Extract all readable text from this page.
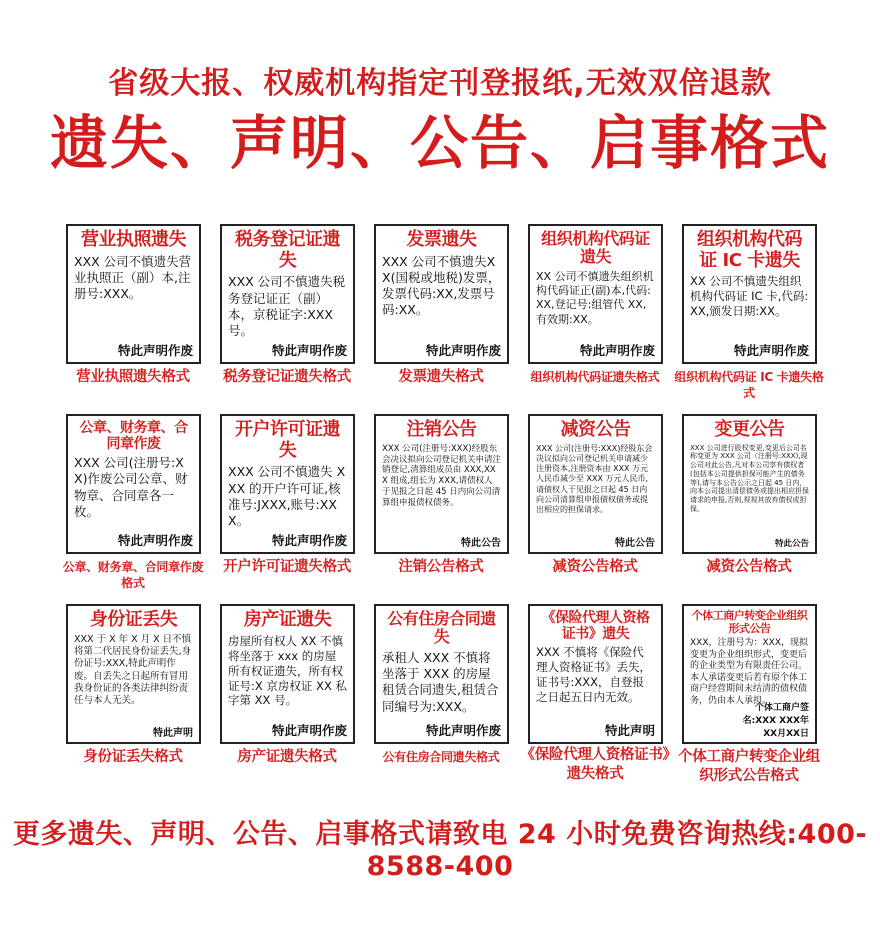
省级大报、权威机构指定刊登报纸,无效双倍退款
遗失、声明、公告、启事格式
营业执照遗失
XXX 公司不慎遗失营业执照正（副）本,注册号:XXX。
特此声明作废
营业执照遗失格式
税务登记证遗失
XXX 公司不慎遗失税务登记证正（副）本，京税证字:XXX 号。
特此声明作废
税务登记证遗失格式
发票遗失
XXX 公司不慎遗失XX(国税或地税)发票，发票代码:XX,发票号码:XX。
特此声明作废
发票遗失格式
组织机构代码证遗失
XX 公司不慎遗失组织机构代码证正(副)本,代码:XX,登记号:组管代 XX,有效期:XX。
特此声明作废
组织机构代码证遗失格式
组织机构代码证 IC 卡遗失
XX 公司不慎遗失组织机构代码证 IC 卡,代码:XX,颁发日期:XX。
特此声明作废
组织机构代码证 IC 卡遗失格式
公章、财务章、合同章作废
XXX 公司(注册号:XX)作废公司公章、财物章、合同章各一枚。
特此声明作废
公章、财务章、合同章作废格式
开户许可证遗失
XXX 公司不慎遗失 XXX 的开户许可证,核准号:JXXX,账号:XXX。
特此声明作废
开户许可证遗失格式
注销公告
XXX 公司(注册号:XXX)经股东会决议拟向公司登记机关申请注销登记,清算组成员由 XXX,XXX 组成,组长为 XXX,请债权人于见报之日起 45 日内向公司清算组申报债权债务。
特此公告
注销公告格式
减资公告
XXX 公司(注册号:XXX)经股东会决议拟向公司登记机关申请减少注册资本,注册资本由 XXX 万元人民币减少至 XXX 万元人民币,请债权人于见报之日起 45 日内向公司清算组申报债权债务或提出相应的担保请求。
特此公告
减资公告格式
变更公告
XXX 公司进行股权变更,变更后公司名称变更为 XXX 公司（注册号:XXX),现公司对此公告,凡对本公司享有债权者(包括本公司提供担保可能产生的债务等),请与本公告公示之日起 45 日内，向本公司提出清偿债务或提出相应担保请求的申报,否则,视视其放弃债权或担保。
特此公告
减资公告格式
身份证丢失
XXX 于 X 年 X 月 X 日不慎将第二代居民身份证丢失,身份证号:XXX,特此声明作废。自丢失之日起所有冒用我身份证的各类法律纠纷责任与本人无关。
特此声明
身份证丢失格式
房产证遗失
房屋所有权人 XX 不慎将坐落于 xxx 的房屋所有权证遗失，所有权证号:X 京房权证 XX 私字第 XX 号。
特此声明作废
房产证遗失格式
公有住房合同遗失
承租人 XXX 不慎将坐落于 XXX 的房屋租赁合同遗失,租赁合同编号为:XXX。
特此声明作废
公有住房合同遗失格式
《保险代理人资格证书》遗失
XXX 不慎将《保险代理人资格证书》丢失，证书号:XXX，自登报之日起五日内无效。
特此声明
《保险代理人资格证书》遗失格式
个体工商户转变企业组织形式公告
XXX，注册号为：XXX，现拟变更为企业组织形式，变更后的企业类型为有限责任公司。本人承诺变更后若有原个体工商户经营期间未结清的债权债务，仍由本人承担。
个体工商户签名:XXX XXX年XX月XX日
个体工商户转变企业组织形式公告格式
更多遗失、声明、公告、启事格式请致电 24 小时免费咨询热线:400-8588-400
